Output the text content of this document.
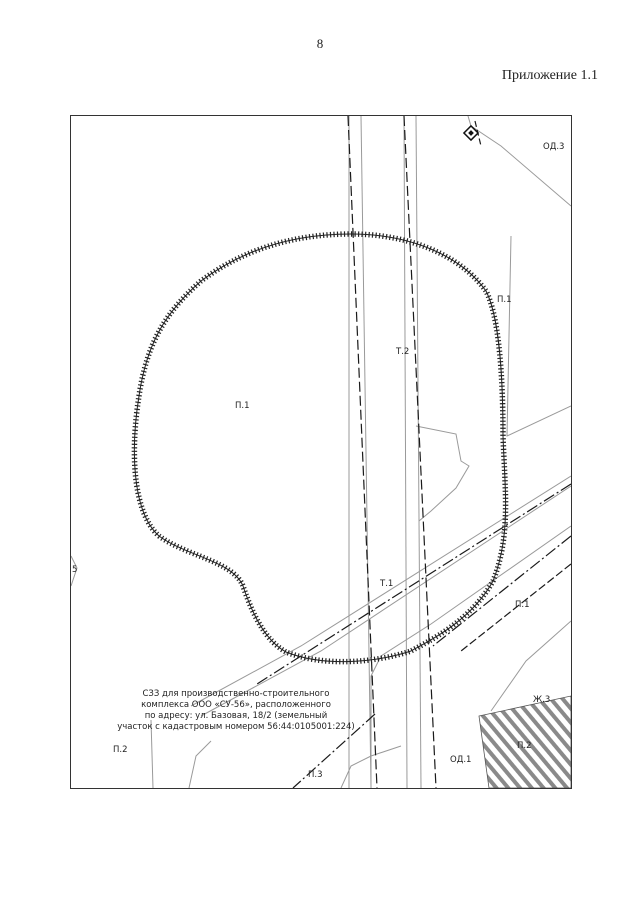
8
Приложение 1.1
ОД.3
П.1
Т.2
П.1
Т.1
П.1
Ж.3
П.2
ОД.1
П.3
П.2
5
СЗЗ для производственно-строительного
комплекса ООО «СУ-56», расположенного
по адресу: ул. Базовая, 18/2 (земельный
участок с кадастровым номером 56:44:0105001:224)
